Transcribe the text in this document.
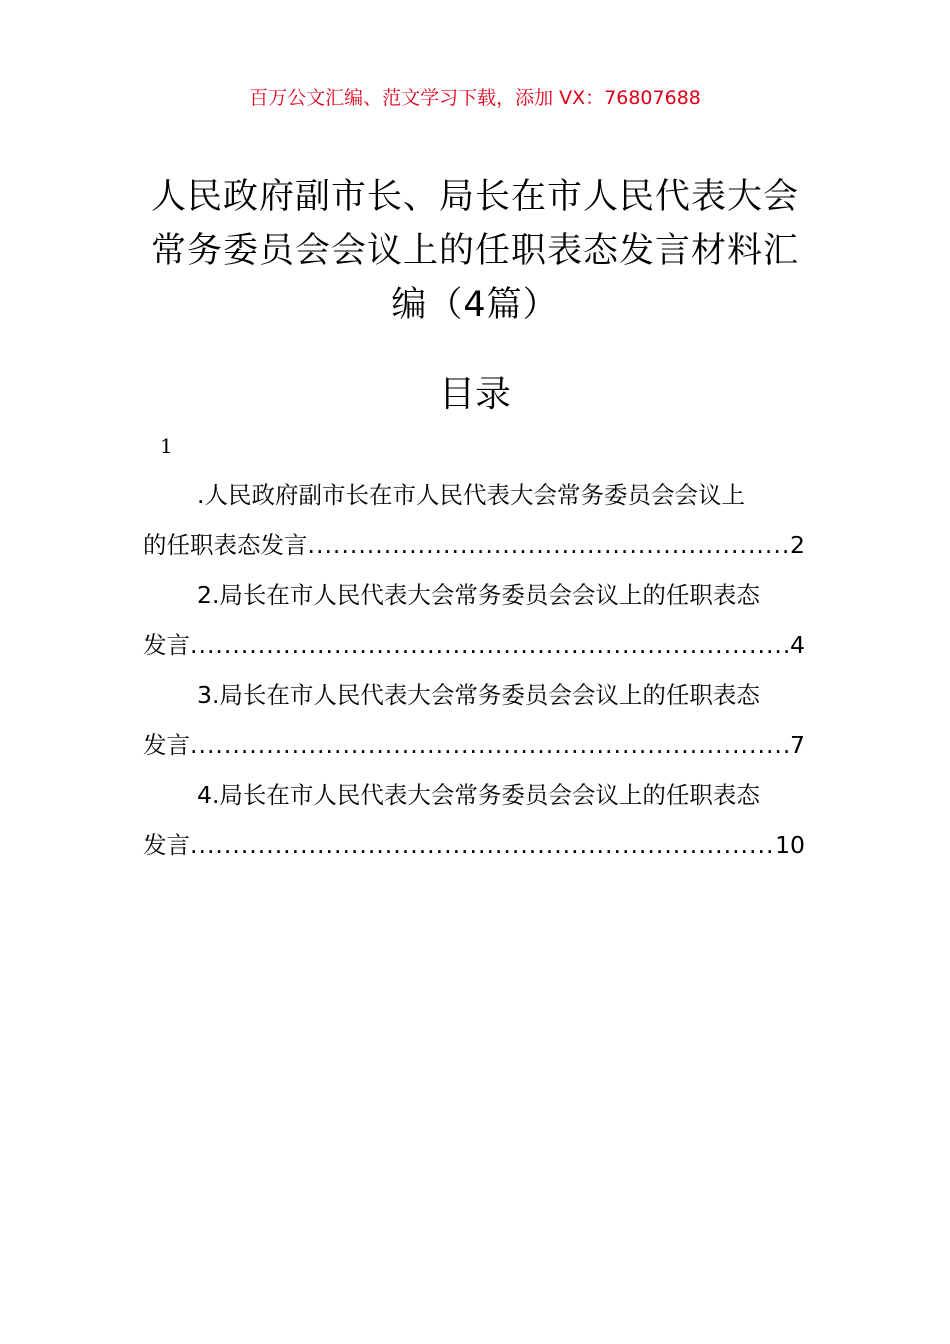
百万公文汇编、范文学习下载，添加 VX：76807688
人民政府副市长、局长在市人民代表大会常务委员会会议上的任职表态发言材料汇编（4篇）
目录
1
.人民政府副市长在市人民代表大会常务委员会会议上
的任职表态发言 .....	2
2.局长在市人民代表大会常务委员会会议上的任职表态
发言 .....	4
3.局长在市人民代表大会常务委员会会议上的任职表态
发言 .....	7
4.局长在市人民代表大会常务委员会会议上的任职表态
发言 .....	10
